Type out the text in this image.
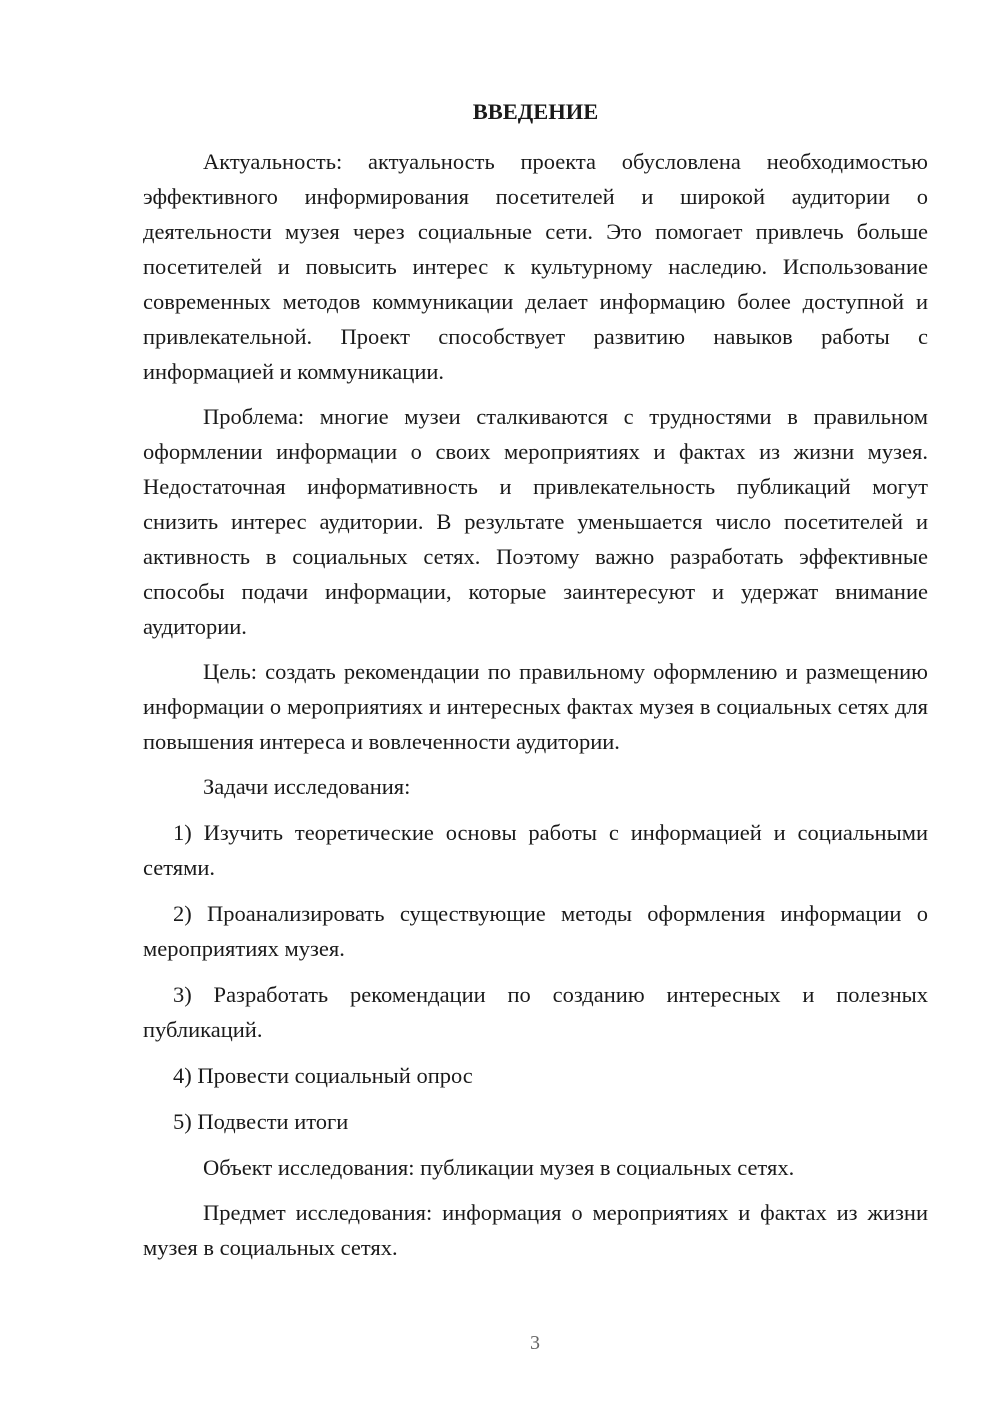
ВВЕДЕНИЕ

Актуальность: актуальность проекта обусловлена необходимостью эффективного информирования посетителей и широкой аудитории о деятельности музея через социальные сети. Это помогает привлечь больше посетителей и повысить интерес к культурному наследию. Использование современных методов коммуникации делает информацию более доступной и привлекательной. Проект способствует развитию навыков работы с информацией и коммуникации.

Проблема: многие музеи сталкиваются с трудностями в правильном оформлении информации о своих мероприятиях и фактах из жизни музея. Недостаточная информативность и привлекательность публикаций могут снизить интерес аудитории. В результате уменьшается число посетителей и активность в социальных сетях. Поэтому важно разработать эффективные способы подачи информации, которые заинтересуют и удержат внимание аудитории.

Цель: создать рекомендации по правильному оформлению и размещению информации о мероприятиях и интересных фактах музея в социальных сетях для повышения интереса и вовлеченности аудитории.

Задачи исследования:

1) Изучить теоретические основы работы с информацией и социальными сетями.

2) Проанализировать существующие методы оформления информации о мероприятиях музея.

3) Разработать рекомендации по созданию интересных и полезных публикаций.

4) Провести социальный опрос

5) Подвести итоги

Объект исследования: публикации музея в социальных сетях.

Предмет исследования: информация о мероприятиях и фактах из жизни музея в социальных сетях.

3
